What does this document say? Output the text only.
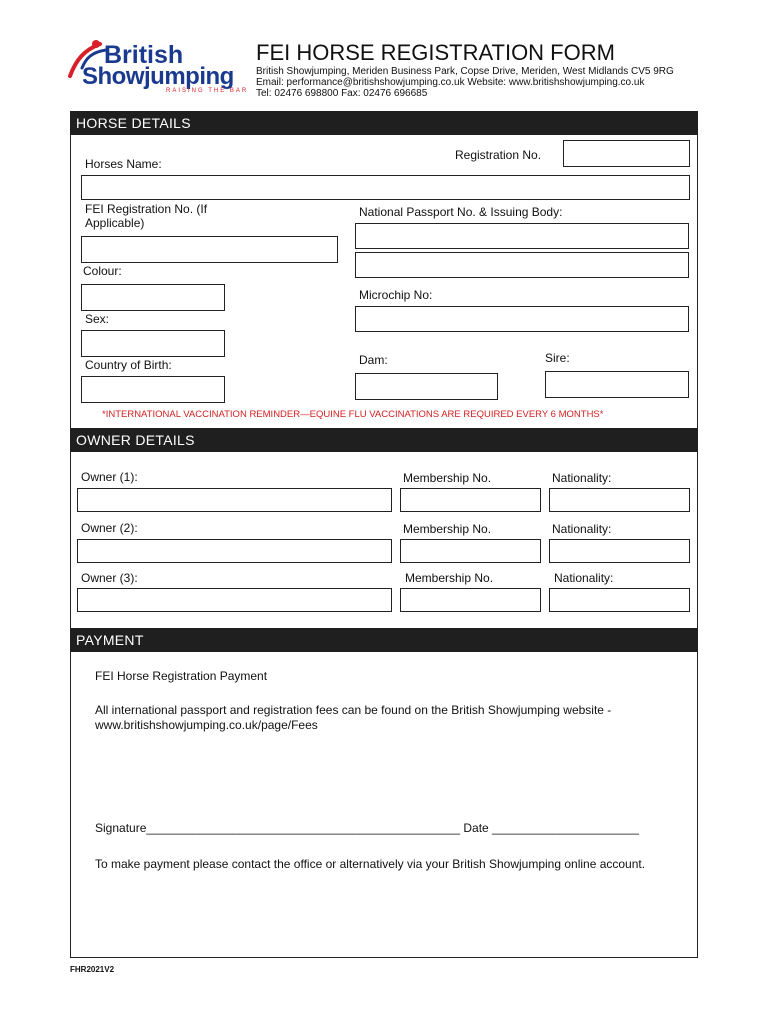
British
Showjumping
RAISING THE BAR
FEI HORSE REGISTRATION FORM
British Showjumping, Meriden Business Park, Copse Drive, Meriden, West Midlands CV5 9RG
Email: performance@britishshowjumping.co.uk Website: www.britishshowjumping.co.uk
Tel: 02476 698800 Fax: 02476 696685
HORSE DETAILS
Registration No.
Horses Name:
FEI Registration No. (If
Applicable)
National Passport No. & Issuing Body:
Colour:
Microchip No:
Sex:
Sire:
Dam:
Country of Birth:
*INTERNATIONAL VACCINATION REMINDER—EQUINE FLU VACCINATIONS ARE REQUIRED EVERY 6 MONTHS*
OWNER DETAILS
Owner (1):	Membership No.	Nationality:
Owner (2):	Membership No.	Nationality:
Owner (3):	Membership No.	Nationality:
PAYMENT
FEI Horse Registration Payment
All international passport and registration fees can be found on the British Showjumping website -
www.britishshowjumping.co.uk/page/Fees
Signature_______________________________________________ Date ______________________
To make payment please contact the office or alternatively via your British Showjumping online account.
FHR2021V2
